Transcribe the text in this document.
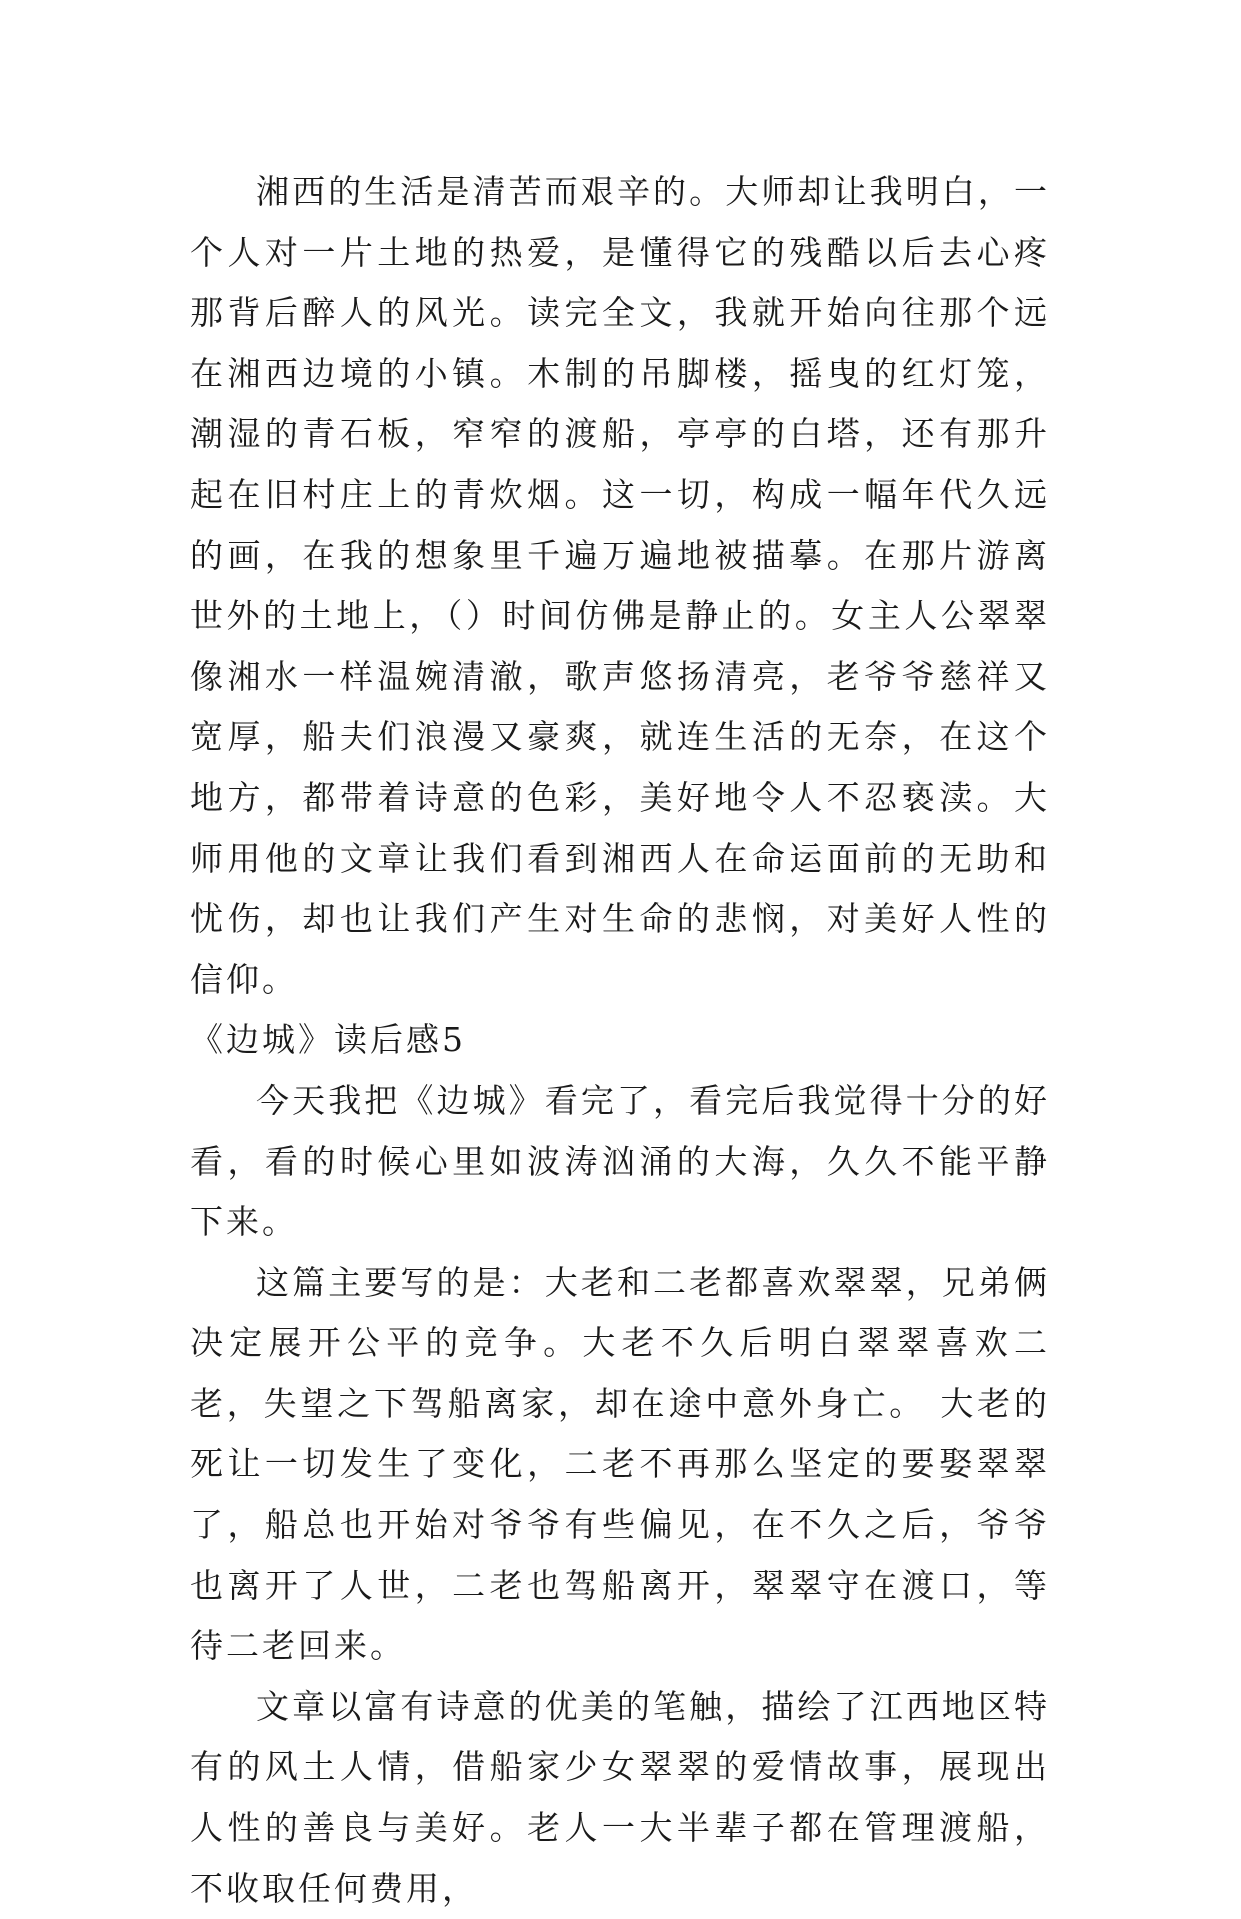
湘西的生活是清苦而艰辛的。大师却让我明白，一个人对一片土地的热爱，是懂得它的残酷以后去心疼那背后醉人的风光。读完全文，我就开始向往那个远在湘西边境的小镇。木制的吊脚楼，摇曳的红灯笼，潮湿的青石板，窄窄的渡船，亭亭的白塔，还有那升起在旧村庄上的青炊烟。这一切，构成一幅年代久远的画，在我的想象里千遍万遍地被描摹。在那片游离世外的土地上，（）时间仿佛是静止的。女主人公翠翠像湘水一样温婉清澈，歌声悠扬清亮，老爷爷慈祥又宽厚，船夫们浪漫又豪爽，就连生活的无奈，在这个地方，都带着诗意的色彩，美好地令人不忍亵渎。大师用他的文章让我们看到湘西人在命运面前的无助和忧伤，却也让我们产生对生命的悲悯，对美好人性的信仰。

《边城》读后感5

今天我把《边城》看完了，看完后我觉得十分的好看，看的时候心里如波涛汹涌的大海，久久不能平静下来。

这篇主要写的是：大老和二老都喜欢翠翠，兄弟俩决定展开公平的竞争。大老不久后明白翠翠喜欢二老，失望之下驾船离家，却在途中意外身亡。 大老的死让一切发生了变化，二老不再那么坚定的要娶翠翠了，船总也开始对爷爷有些偏见，在不久之后，爷爷也离开了人世，二老也驾船离开，翠翠守在渡口，等待二老回来。

文章以富有诗意的优美的笔触，描绘了江西地区特有的风土人情，借船家少女翠翠的爱情故事，展现出人性的善良与美好。老人一大半辈子都在管理渡船，不收取任何费用，
